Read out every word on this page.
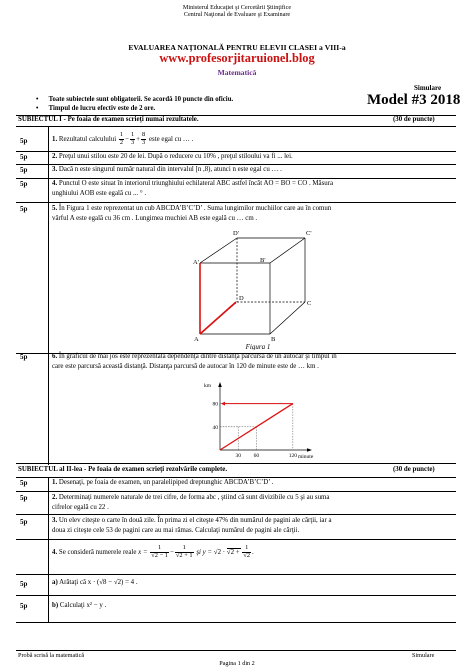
Ministerul Educaţiei şi Cercetării Ştiinţifice
Centrul Naţional de Evaluare şi Examinare
EVALUAREA NAŢIONALĂ PENTRU ELEVII CLASEI a VIII-a
www.profesorjitaruionel.blog
Matematică
Simulare
Model #3 2018
•      Toate subiectele sunt obligatorii. Se acordă 10 puncte din oficiu.
•      Timpul de lucru efectiv este de 2 ore.
SUBIECTUL I - Pe foaia de examen scrieţi numai rezultatele.	(30 de puncte)
5p	1. Rezultatul calculului $\frac{1}{2} - \frac{1}{3} + \frac{8}{3}$ este egal cu … .
5p	2. Preţul unui stilou este 20 de lei. După o reducere cu 10% , preţul stiloului va fi ... lei.
5p	3. Dacă n este singurul număr natural din intervalul [n ,8), atunci n este egal cu … .
5p	4. Punctul O este situat în interiorul triunghiului echilateral ABC astfel încât AO = BO = CO . Măsura
unghiului AOB este egală cu ... ° .
5p	5. În Figura 1 este reprezentat un cub ABCDA’B’C’D’ . Suma lungimilor muchiilor care au în comun
vârful A este egală cu 36 cm . Lungimea muchiei AB este egală cu … cm .
D'	C'
A'	B'
D
C
A	B
Figura 1
5p	6. În graficul de mai jos este reprezentată dependenţa dintre distanţa parcursă de un autocar şi timpul în
care este parcursă această distanţă. Distanţa parcursă de autocar în 120 de minute este de … km .
km
minute
30 60	120
40
80
SUBIECTUL al II-lea - Pe foaia de examen scrieţi rezolvările complete.	(30 de puncte)
5p	1. Desenaţi, pe foaia de examen, un paralelipiped dreptunghic ABCDA’B’C’D’ .
5p	2. Determinaţi numerele naturale de trei cifre, de forma abc , ştiind că sunt divizibile cu 5 şi au suma
cifrelor egală cu 22 .
5p	3. Un elev citeşte o carte în două zile. În prima zi el citeşte 47% din numărul de pagini ale cărţii, iar a
doua zi citeşte cele 53 de pagini care au mai rămas. Calculaţi numărul de pagini ale cărţii.
4. Se consideră numerele reale $x = \frac{1}{√2 - 1} - \frac{1}{√2 + 1}$ şi $y = √2 \cdot √2 + \frac{1}{√2}$ .
5p	a) Arătaţi că x · (√8 − √2) = 4 .
5p	b) Calculaţi x² − y .
Probă scrisă la matematică	Simulare
Pagina 1 din 2
